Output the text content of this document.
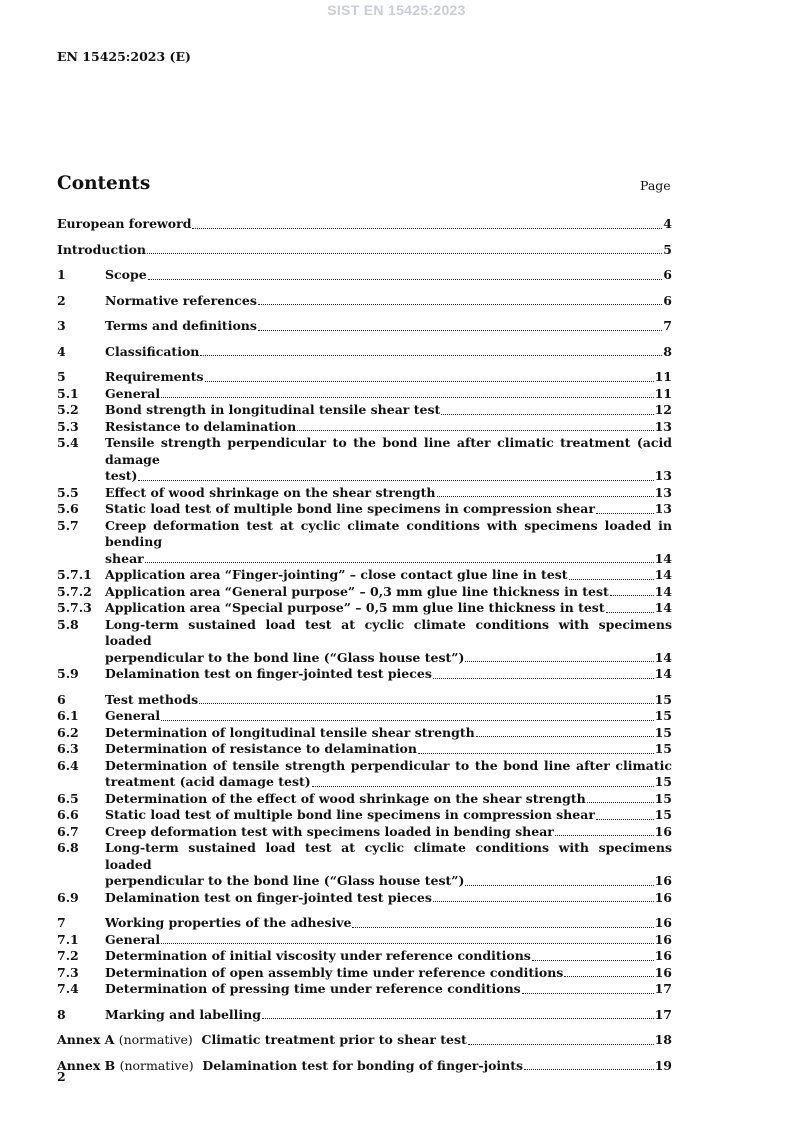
SIST EN 15425:2023
EN 15425:2023 (E)
Contents	Page
European foreword	4
Introduction	5
1	Scope	6
2	Normative references	6
3	Terms and definitions	7
4	Classification	8
5	Requirements	11
5.1	General	11
5.2	Bond strength in longitudinal tensile shear test	12
5.3	Resistance to delamination	13
5.4	Tensile strength perpendicular to the bond line after climatic treatment (acid damage
test)	13
5.5	Effect of wood shrinkage on the shear strength	13
5.6	Static load test of multiple bond line specimens in compression shear	13
5.7	Creep deformation test at cyclic climate conditions with specimens loaded in bending
shear	14
5.7.1	Application area “Finger-jointing” – close contact glue line in test	14
5.7.2	Application area “General purpose” – 0,3 mm glue line thickness in test	14
5.7.3	Application area “Special purpose” – 0,5 mm glue line thickness in test	14
5.8	Long-term sustained load test at cyclic climate conditions with specimens loaded
perpendicular to the bond line (“Glass house test”)	14
5.9	Delamination test on finger-jointed test pieces	14
6	Test methods	15
6.1	General	15
6.2	Determination of longitudinal tensile shear strength	15
6.3	Determination of resistance to delamination	15
6.4	Determination of tensile strength perpendicular to the bond line after climatic
treatment (acid damage test)	15
6.5	Determination of the effect of wood shrinkage on the shear strength	15
6.6	Static load test of multiple bond line specimens in compression shear	15
6.7	Creep deformation test with specimens loaded in bending shear	16
6.8	Long-term sustained load test at cyclic climate conditions with specimens loaded
perpendicular to the bond line (“Glass house test”)	16
6.9	Delamination test on finger-jointed test pieces	16
7	Working properties of the adhesive	16
7.1	General	16
7.2	Determination of initial viscosity under reference conditions	16
7.3	Determination of open assembly time under reference conditions	16
7.4	Determination of pressing time under reference conditions	17
8	Marking and labelling	17
Annex A (normative) Climatic treatment prior to shear test	18
Annex B (normative) Delamination test for bonding of finger-joints	19
2
